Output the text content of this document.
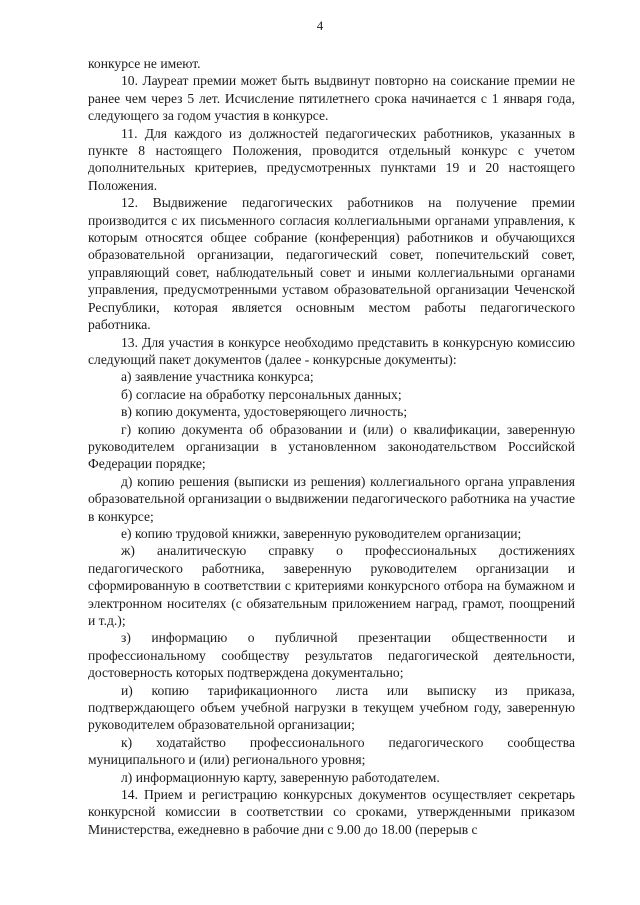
4

конкурсе не имеют.

10. Лауреат премии может быть выдвинут повторно на соискание премии не ранее чем через 5 лет. Исчисление пятилетнего срока начинается с 1 января года, следующего за годом участия в конкурсе.

11. Для каждого из должностей педагогических работников, указанных в пункте 8 настоящего Положения, проводится отдельный конкурс с учетом дополнительных критериев, предусмотренных пунктами 19 и 20 настоящего Положения.

12. Выдвижение педагогических работников на получение премии производится с их письменного согласия коллегиальными органами управления, к которым относятся общее собрание (конференция) работников и обучающихся образовательной организации, педагогический совет, попечительский совет, управляющий совет, наблюдательный совет и иными коллегиальными органами управления, предусмотренными уставом образовательной организации Чеченской Республики, которая является основным местом работы педагогического работника.

13. Для участия в конкурсе необходимо представить в конкурсную комиссию следующий пакет документов (далее - конкурсные документы):

а) заявление участника конкурса;

б) согласие на обработку персональных данных;

в) копию документа, удостоверяющего личность;

г) копию документа об образовании и (или) о квалификации, заверенную руководителем организации в установленном законодательством Российской Федерации порядке;

д) копию решения (выписки из решения) коллегиального органа управления образовательной организации о выдвижении педагогического работника на участие в конкурсе;

е) копию трудовой книжки, заверенную руководителем организации;

ж) аналитическую справку о профессиональных достижениях педагогического работника, заверенную руководителем организации и сформированную в соответствии с критериями конкурсного отбора на бумажном и электронном носителях (с обязательным приложением наград, грамот, поощрений и т.д.);

з) информацию о публичной презентации общественности и профессиональному сообществу результатов педагогической деятельности, достоверность которых подтверждена документально;

и) копию тарификационного листа или выписку из приказа, подтверждающего объем учебной нагрузки в текущем учебном году, заверенную руководителем образовательной организации;

к) ходатайство профессионального педагогического сообщества муниципального и (или) регионального уровня;

л) информационную карту, заверенную работодателем.

14. Прием и регистрацию конкурсных документов осуществляет секретарь конкурсной комиссии в соответствии со сроками, утвержденными приказом Министерства, ежедневно в рабочие дни с 9.00 до 18.00 (перерыв с
